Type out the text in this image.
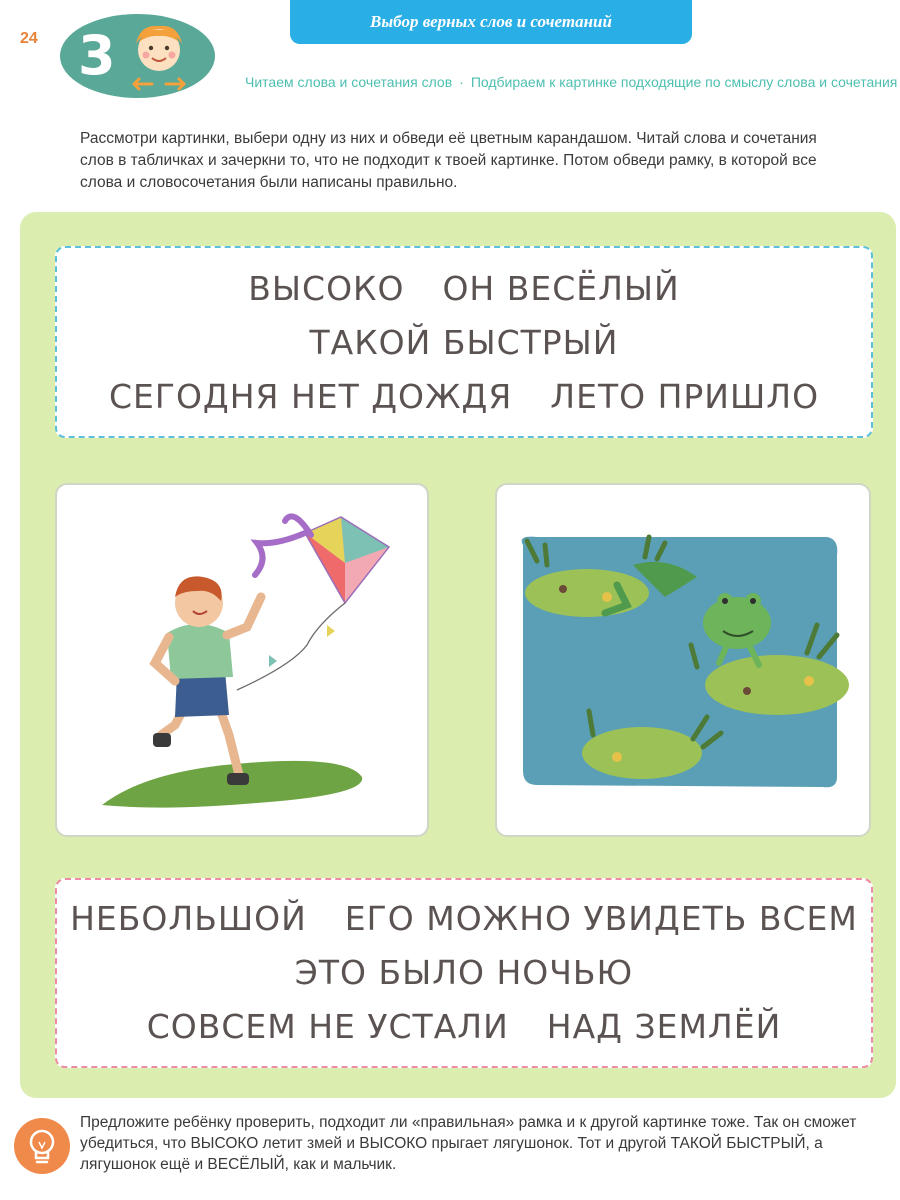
24 3
Выбор верных слов и сочетаний
Читаем слова и сочетания слов · Подбираем к картинке подходящие по смыслу слова и сочетания
Рассмотри картинки, выбери одну из них и обведи её цветным карандашом. Читай слова и сочетания слов в табличках и зачеркни то, что не подходит к твоей картинке. Потом обведи рамку, в которой все слова и словосочетания были написаны правильно.
ВЫСОКО ОН ВЕСЁЛЫЙ
ТАКОЙ БЫСТРЫЙ
СЕГОДНЯ НЕТ ДОЖДЯ ЛЕТО ПРИШЛО
НЕБОЛЬШОЙ ЕГО МОЖНО УВИДЕТЬ ВСЕМ
ЭТО БЫЛО НОЧЬЮ
СОВСЕМ НЕ УСТАЛИ НАД ЗЕМЛЁЙ
Предложите ребёнку проверить, подходит ли «правильная» рамка и к другой картинке тоже. Так он сможет убедиться, что ВЫСОКО летит змей и ВЫСОКО прыгает лягушонок. Тот и другой ТАКОЙ БЫСТРЫЙ, а лягушонок ещё и ВЕСЁЛЫЙ, как и мальчик.
